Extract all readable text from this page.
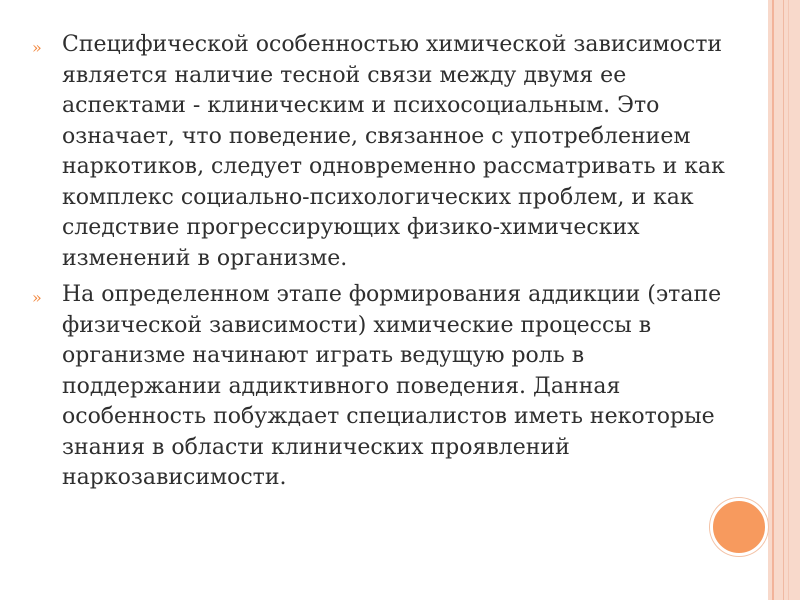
» Специфической особенностью химической зависимости является наличие тесной связи между двумя ее аспектами - клиническим и психосоциальным. Это означает, что поведение, связанное с употреблением наркотиков, следует одновременно рассматривать и как комплекс социально-психологических проблем, и как следствие прогрессирующих физико-химических изменений в организме.
» На определенном этапе формирования аддикции (этапе физической зависимости) химические процессы в организме начинают играть ведущую роль в поддержании аддиктивного поведения. Данная особенность побуждает специалистов иметь некоторые знания в области клинических проявлений наркозависимости.
